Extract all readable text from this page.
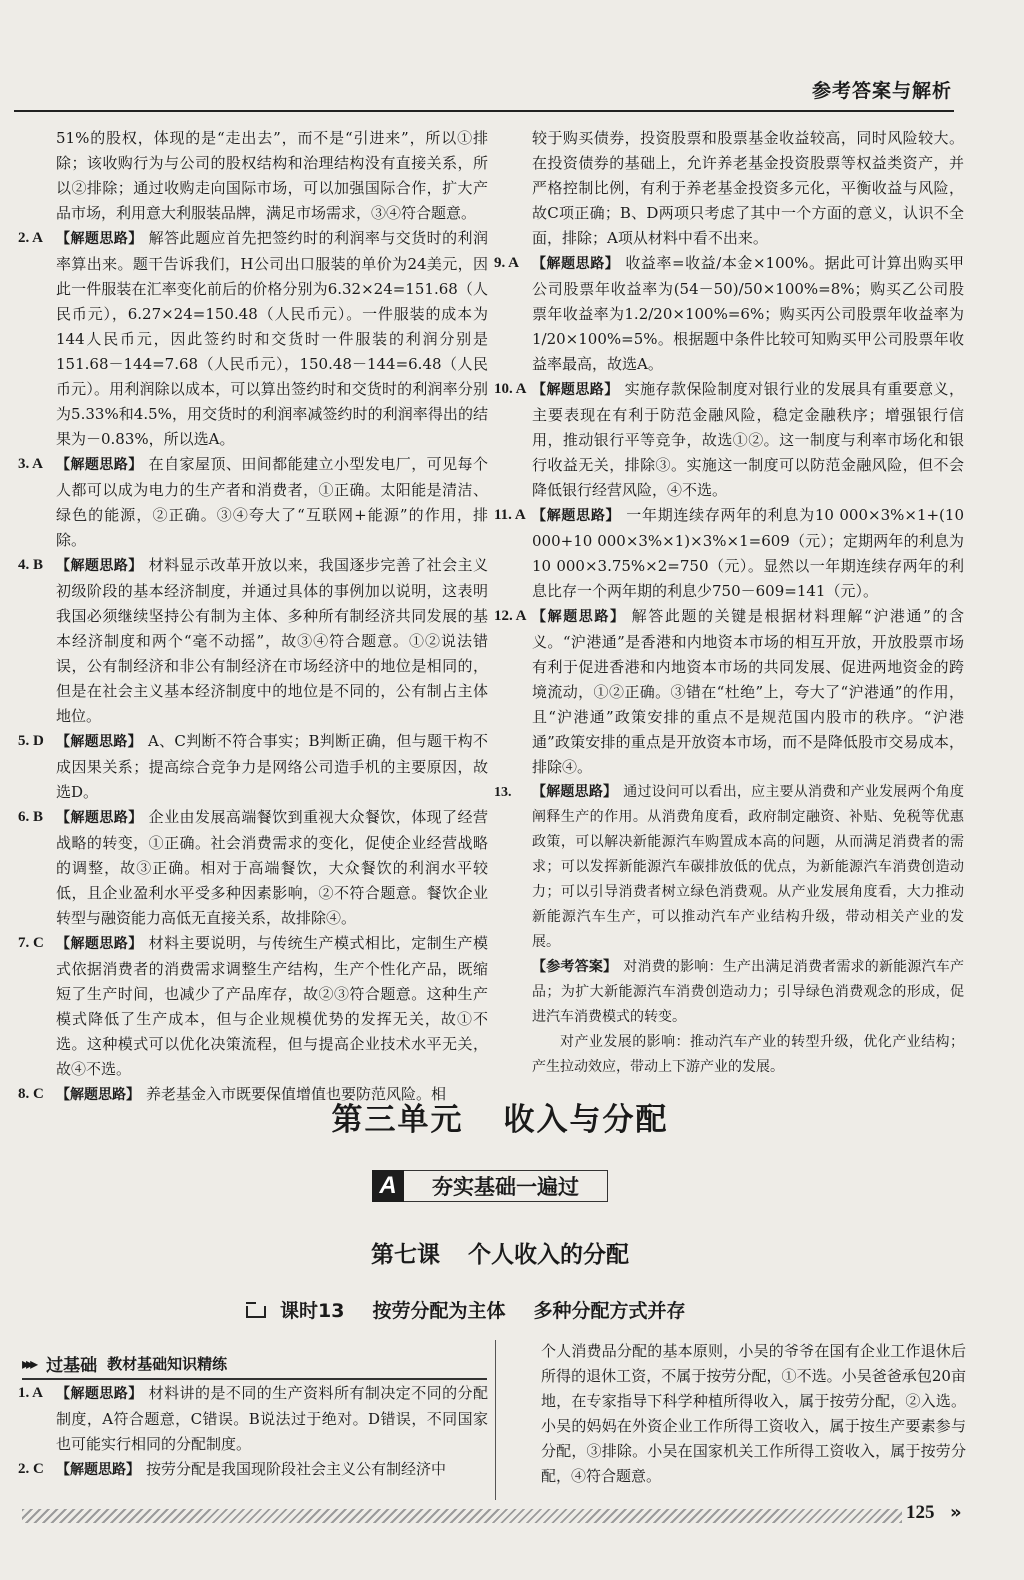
参考答案与解析

51%的股权，体现的是“走出去”，而不是“引进来”，所以①排除；该收购行为与公司的股权结构和治理结构没有直接关系，所以②排除；通过收购走向国际市场，可以加强国际合作，扩大产品市场，利用意大利服装品牌，满足市场需求，③④符合题意。

2. A 【解题思路】 解答此题应首先把签约时的利润率与交货时的利润率算出来。题干告诉我们，H公司出口服装的单价为24美元，因此一件服装在汇率变化前后的价格分别为6.32×24=151.68（人民币元），6.27×24=150.48（人民币元）。一件服装的成本为144人民币元，因此签约时和交货时一件服装的利润分别是151.68－144=7.68（人民币元），150.48－144=6.48（人民币元）。用利润除以成本，可以算出签约时和交货时的利润率分别为5.33%和4.5%，用交货时的利润率减签约时的利润率得出的结果为－0.83%，所以选A。

3. A 【解题思路】 在自家屋顶、田间都能建立小型发电厂，可见每个人都可以成为电力的生产者和消费者，①正确。太阳能是清洁、绿色的能源，②正确。③④夸大了“互联网+能源”的作用，排除。

4. B 【解题思路】 材料显示改革开放以来，我国逐步完善了社会主义初级阶段的基本经济制度，并通过具体的事例加以说明，这表明我国必须继续坚持公有制为主体、多种所有制经济共同发展的基本经济制度和两个“毫不动摇”，故③④符合题意。①②说法错误，公有制经济和非公有制经济在市场经济中的地位是相同的，但是在社会主义基本经济制度中的地位是不同的，公有制占主体地位。

5. D 【解题思路】 A、C判断不符合事实；B判断正确，但与题干构不成因果关系；提高综合竞争力是网络公司造手机的主要原因，故选D。

6. B 【解题思路】 企业由发展高端餐饮到重视大众餐饮，体现了经营战略的转变，①正确。社会消费需求的变化，促使企业经营战略的调整，故③正确。相对于高端餐饮，大众餐饮的利润水平较低，且企业盈利水平受多种因素影响，②不符合题意。餐饮企业转型与融资能力高低无直接关系，故排除④。

7. C 【解题思路】 材料主要说明，与传统生产模式相比，定制生产模式依据消费者的消费需求调整生产结构，生产个性化产品，既缩短了生产时间，也减少了产品库存，故②③符合题意。这种生产模式降低了生产成本，但与企业规模优势的发挥无关，故①不选。这种模式可以优化决策流程，但与提高企业技术水平无关，故④不选。

8. C 【解题思路】 养老基金入市既要保值增值也要防范风险。相

较于购买债券，投资股票和股票基金收益较高，同时风险较大。在投资债券的基础上，允许养老基金投资股票等权益类资产，并严格控制比例，有利于养老基金投资多元化，平衡收益与风险，故C项正确；B、D两项只考虑了其中一个方面的意义，认识不全面，排除；A项从材料中看不出来。

9. A 【解题思路】 收益率=收益/本金×100%。据此可计算出购买甲公司股票年收益率为(54－50)/50×100%=8%；购买乙公司股票年收益率为1.2/20×100%=6%；购买丙公司股票年收益率为1/20×100%=5%。根据题中条件比较可知购买甲公司股票年收益率最高，故选A。

10. A 【解题思路】 实施存款保险制度对银行业的发展具有重要意义，主要表现在有利于防范金融风险，稳定金融秩序；增强银行信用，推动银行平等竞争，故选①②。这一制度与利率市场化和银行收益无关，排除③。实施这一制度可以防范金融风险，但不会降低银行经营风险，④不选。

11. A 【解题思路】 一年期连续存两年的利息为10 000×3%×1+(10 000+10 000×3%×1)×3%×1=609（元）；定期两年的利息为10 000×3.75%×2=750（元）。显然以一年期连续存两年的利息比存一个两年期的利息少750－609=141（元）。

12. A 【解题思路】 解答此题的关键是根据材料理解“沪港通”的含义。“沪港通”是香港和内地资本市场的相互开放，开放股票市场有利于促进香港和内地资本市场的共同发展、促进两地资金的跨境流动，①②正确。③错在“杜绝”上，夸大了“沪港通”的作用，且“沪港通”政策安排的重点不是规范国内股市的秩序。“沪港通”政策安排的重点是开放资本市场，而不是降低股市交易成本，排除④。

13. 【解题思路】 通过设问可以看出，应主要从消费和产业发展两个角度阐释生产的作用。从消费角度看，政府制定融资、补贴、免税等优惠政策，可以解决新能源汽车购置成本高的问题，从而满足消费者的需求；可以发挥新能源汽车碳排放低的优点，为新能源汽车消费创造动力；可以引导消费者树立绿色消费观。从产业发展角度看，大力推动新能源汽车生产，可以推动汽车产业结构升级，带动相关产业的发展。

【参考答案】 对消费的影响：生产出满足消费者需求的新能源汽车产品；为扩大新能源汽车消费创造动力；引导绿色消费观念的形成，促进汽车消费模式的转变。

对产业发展的影响：推动汽车产业的转型升级，优化产业结构；产生拉动效应，带动上下游产业的发展。

第三单元 收入与分配
A	夯实基础一遍过
第七课 个人收入的分配
课时13 按劳分配为主体 多种分配方式并存
▸▸▸ 过基础 教材基础知识精练

1. A 【解题思路】 材料讲的是不同的生产资料所有制决定不同的分配制度，A符合题意，C错误。B说法过于绝对。D错误，不同国家也可能实行相同的分配制度。

2. C 【解题思路】 按劳分配是我国现阶段社会主义公有制经济中

个人消费品分配的基本原则，小吴的爷爷在国有企业工作退休后所得的退休工资，不属于按劳分配，①不选。小吴爸爸承包20亩地，在专家指导下科学种植所得收入，属于按劳分配，②入选。小吴的妈妈在外资企业工作所得工资收入，属于按生产要素参与分配，③排除。小吴在国家机关工作所得工资收入，属于按劳分配，④符合题意。

125 »
